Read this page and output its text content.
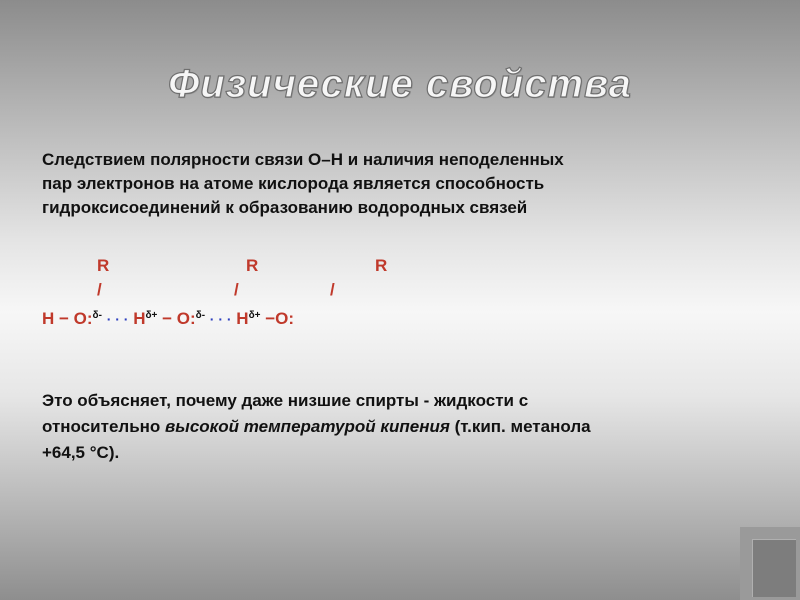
Физические свойства
Следствием полярности связи О–Н и наличия неподеленных
пар электронов на атоме кислорода является способность
гидроксисоединений к образованию водородных связей
R	R	R
/	/	/
H − O:$^{\delta-}$ · · · $H^{\delta+}$ − O:$^{\delta-}$ · · · $H^{\delta+} -O$:
Это объясняет, почему даже низшие спирты - жидкости с
относительно высокой температурой кипения (т.кип. метанола
+64,5 °С).
